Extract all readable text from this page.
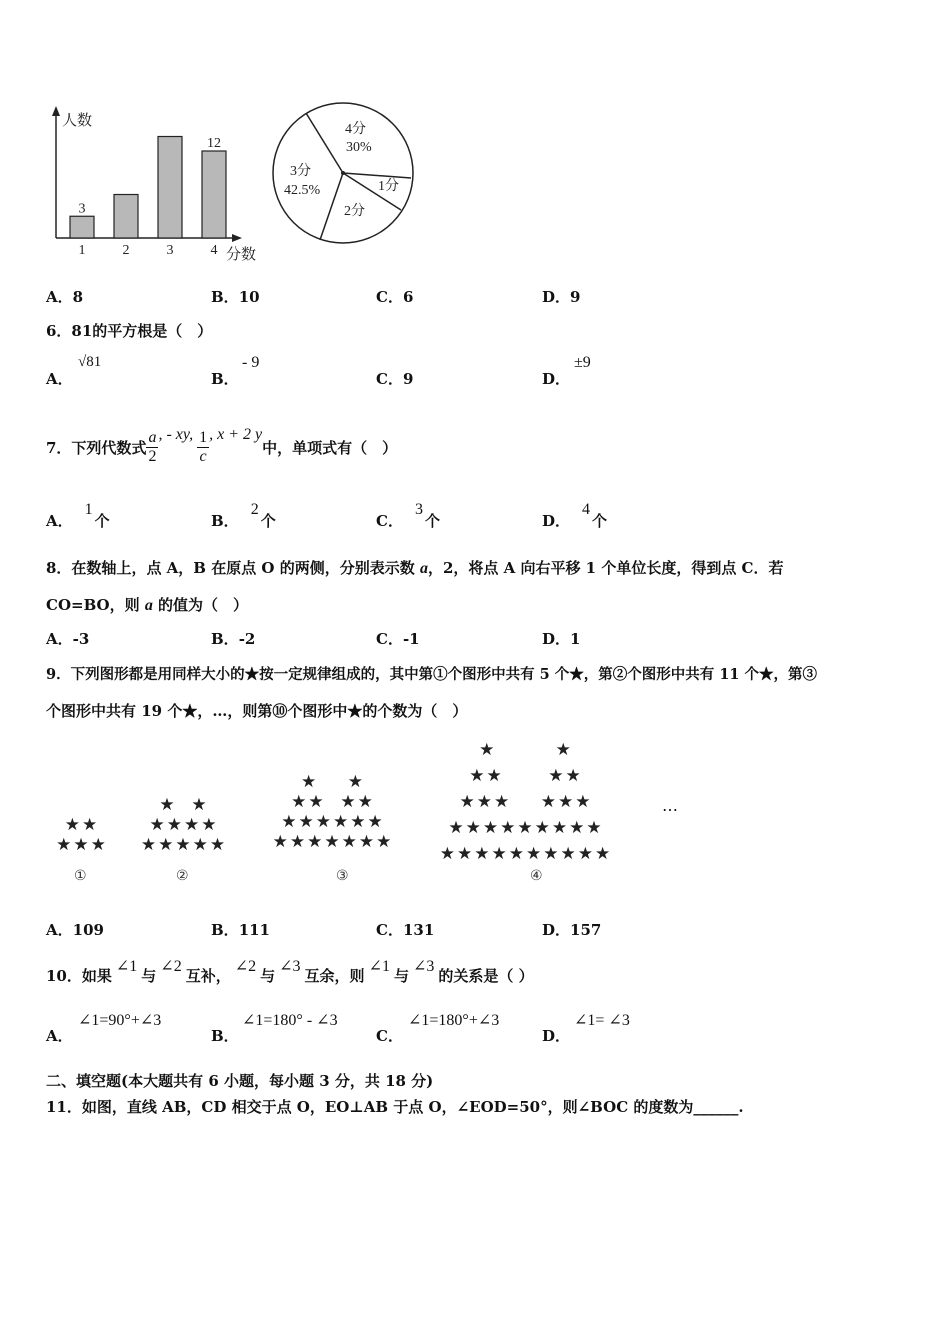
人数
分数
1
3
2	3	4
12
4分
30%
1分
2分
3分
42.5%
A．8	B．10	C．6	D．9
6．81的平方根是（　）
A．
√81
B．
- 9
C．9	D．
±9
7．下列代数式 $\frac{a}{2}$ , - xy, $\frac{1}{c}$ , x + 2 y
中，单项式有（　）
A．1个	B．2个	C．3个	D．4个
8．在数轴上，点 A，B 在原点 O 的两侧，分别表示数 a，2，将点 A 向右平移 1 个单位长度，得到点 C．若
CO=BO，则 a 的值为（　）
A．-3	B．-2	C．-1	D．1
9．下列图形都是用同样大小的★按一定规律组成的，其中第①个图形中共有 5 个★，第②个图形中共有 11 个★，第③
个图形中共有 19 个★，…，则第⑩个图形中★的个数为（　）
★★
★★★
①
★  ★
★★★★
★★★★★
②
★    ★
★★  ★★
★★★★★★
★★★★★★★
③
★        ★
★★      ★★
★★★    ★★★
★★★★★★★★★
★★★★★★★★★★
④
…
A．109	B．111	C．131	D．157
10．如果∠1与∠2互补，∠2与∠3互余，则∠1与∠3的关系是（ ）
A．
∠1=90°+∠3
B．
∠1=180° - ∠3
C．
∠1=180°+∠3
D．
∠1= ∠3
二、填空题(本大题共有 6 小题，每小题 3 分，共 18 分)
11．如图，直线 AB，CD 相交于点 O，EO⊥AB 于点 O，∠EOD=50°，则∠BOC 的度数为______.
